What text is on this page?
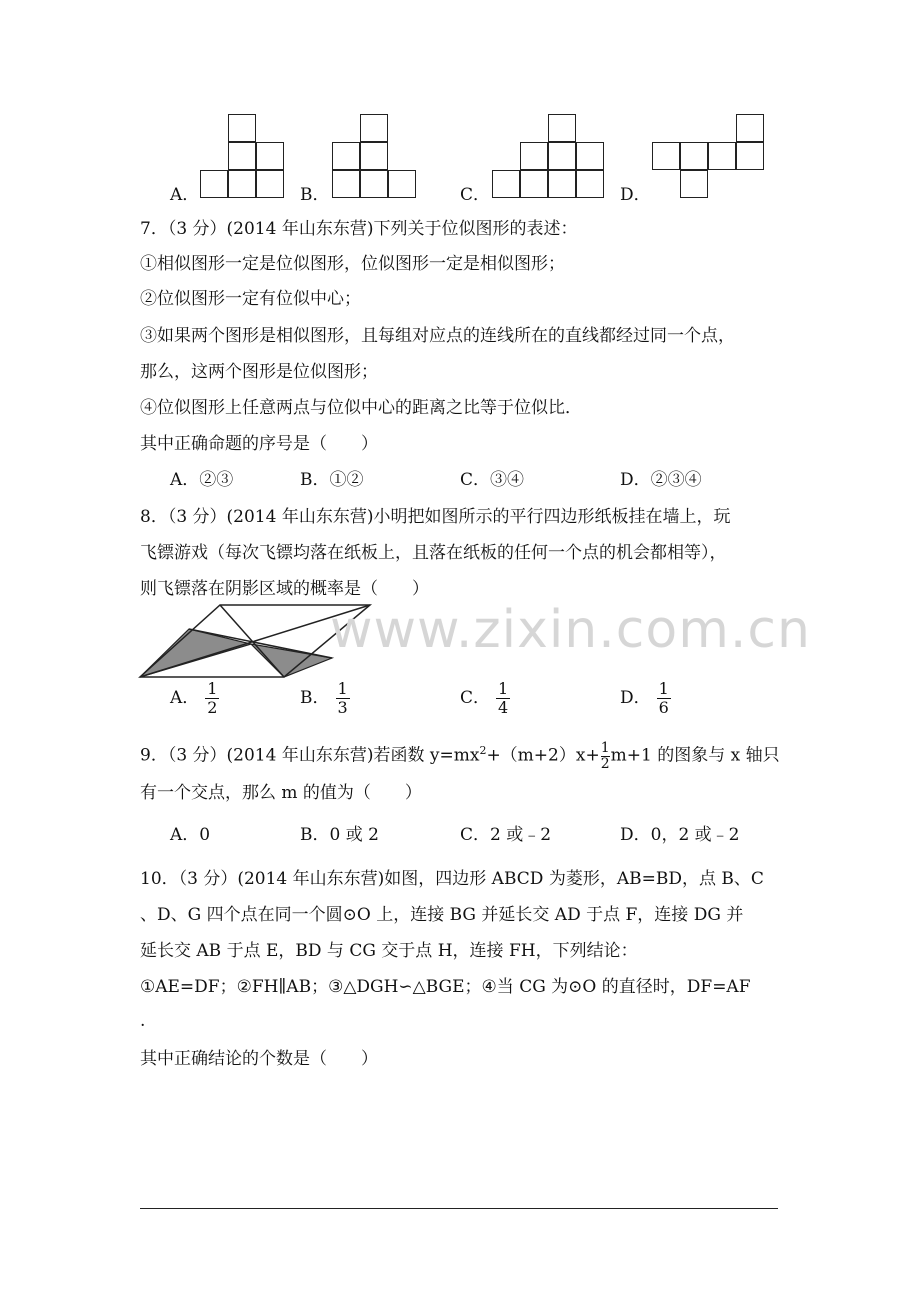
A．	B．	C．	D．
7．（3 分）(2014 年山东东营)下列关于位似图形的表述：
①相似图形一定是位似图形，位似图形一定是相似图形；
②位似图形一定有位似中心；
③如果两个图形是相似图形，且每组对应点的连线所在的直线都经过同一个点，
那么，这两个图形是位似图形；
④位似图形上任意两点与位似中心的距离之比等于位似比．
其中正确命题的序号是（　　）
A．②③	B．①②	C．③④	D．②③④
8．（3 分）(2014 年山东东营)小明把如图所示的平行四边形纸板挂在墙上，玩
飞镖游戏（每次飞镖均落在纸板上，且落在纸板的任何一个点的机会都相等），
则飞镖落在阴影区域的概率是（　　）
A． $\frac{1}{2}$	B． $\frac{1}{3}$	C． $\frac{1}{4}$	D． $\frac{1}{6}$
9．（3 分）(2014 年山东东营)若函数 $y=mx^2+(m+2)x+ \frac{1}{2} m+1$ 的图象与 x 轴只
有一个交点，那么 m 的值为（　　）
A．0	B．0 或 2	C．2 或﹣2	D．0，2 或﹣2
10．（3 分）(2014 年山东东营)如图，四边形 ABCD 为菱形，AB=BD，点 B、C
、D、G 四个点在同一个圆⊙O 上，连接 BG 并延长交 AD 于点 F，连接 DG 并
延长交 AB 于点 E，BD 与 CG 交于点 H，连接 FH，下列结论：
①AE=DF；②FH∥AB；③△DGH∽△BGE；④当 CG 为⊙O 的直径时，DF=AF
.
其中正确结论的个数是（　　）
www.zixin.com.cn
